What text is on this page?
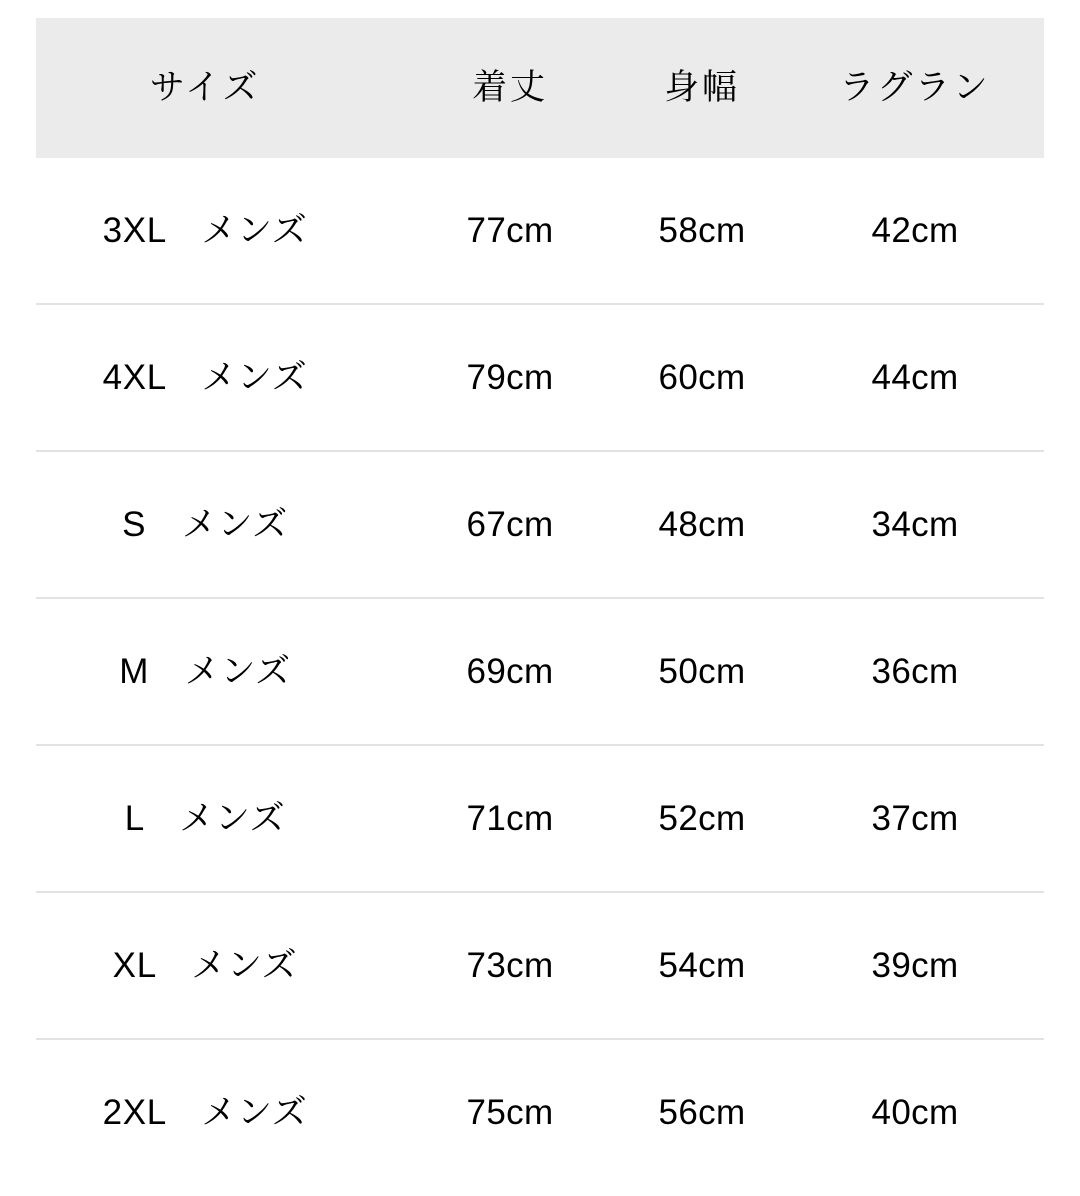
サイズ	着丈	身幅	ラグラン
3XL　メンズ	77cm	58cm	42cm
4XL　メンズ	79cm	60cm	44cm
S　メンズ	67cm	48cm	34cm
M　メンズ	69cm	50cm	36cm
L　メンズ	71cm	52cm	37cm
XL　メンズ	73cm	54cm	39cm
2XL　メンズ	75cm	56cm	40cm
